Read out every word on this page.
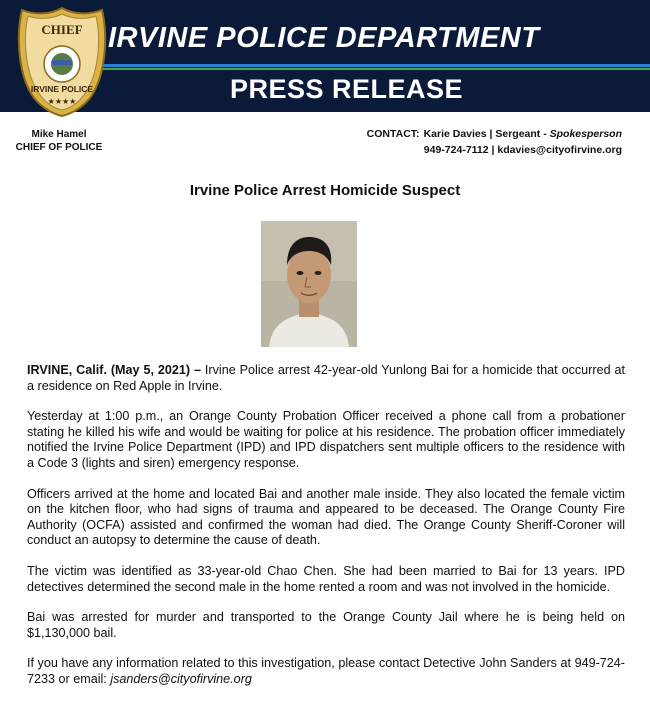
IRVINE POLICE DEPARTMENT
PRESS RELEASE
CHIEF
IRVINE POLICE
★★★★
Mike Hamel
CHIEF OF POLICE
CONTACT: Karie Davies | Sergeant - Spokesperson
949-724-7112 | kdavies@cityofirvine.org
Irvine Police Arrest Homicide Suspect

IRVINE, Calif. (May 5, 2021) – Irvine Police arrest 42-year-old Yunlong Bai for a homicide that occurred at a residence on Red Apple in Irvine.

Yesterday at 1:00 p.m., an Orange County Probation Officer received a phone call from a probationer stating he killed his wife and would be waiting for police at his residence. The probation officer immediately notified the Irvine Police Department (IPD) and IPD dispatchers sent multiple officers to the residence with a Code 3 (lights and siren) emergency response.

Officers arrived at the home and located Bai and another male inside. They also located the female victim on the kitchen floor, who had signs of trauma and appeared to be deceased. The Orange County Fire Authority (OCFA) assisted and confirmed the woman had died. The Orange County Sheriff-Coroner will conduct an autopsy to determine the cause of death.

The victim was identified as 33-year-old Chao Chen. She had been married to Bai for 13 years. IPD detectives determined the second male in the home rented a room and was not involved in the homicide.

Bai was arrested for murder and transported to the Orange County Jail where he is being held on $1,130,000 bail.

If you have any information related to this investigation, please contact Detective John Sanders at 949-724-7233 or email: jsanders@cityofirvine.org
